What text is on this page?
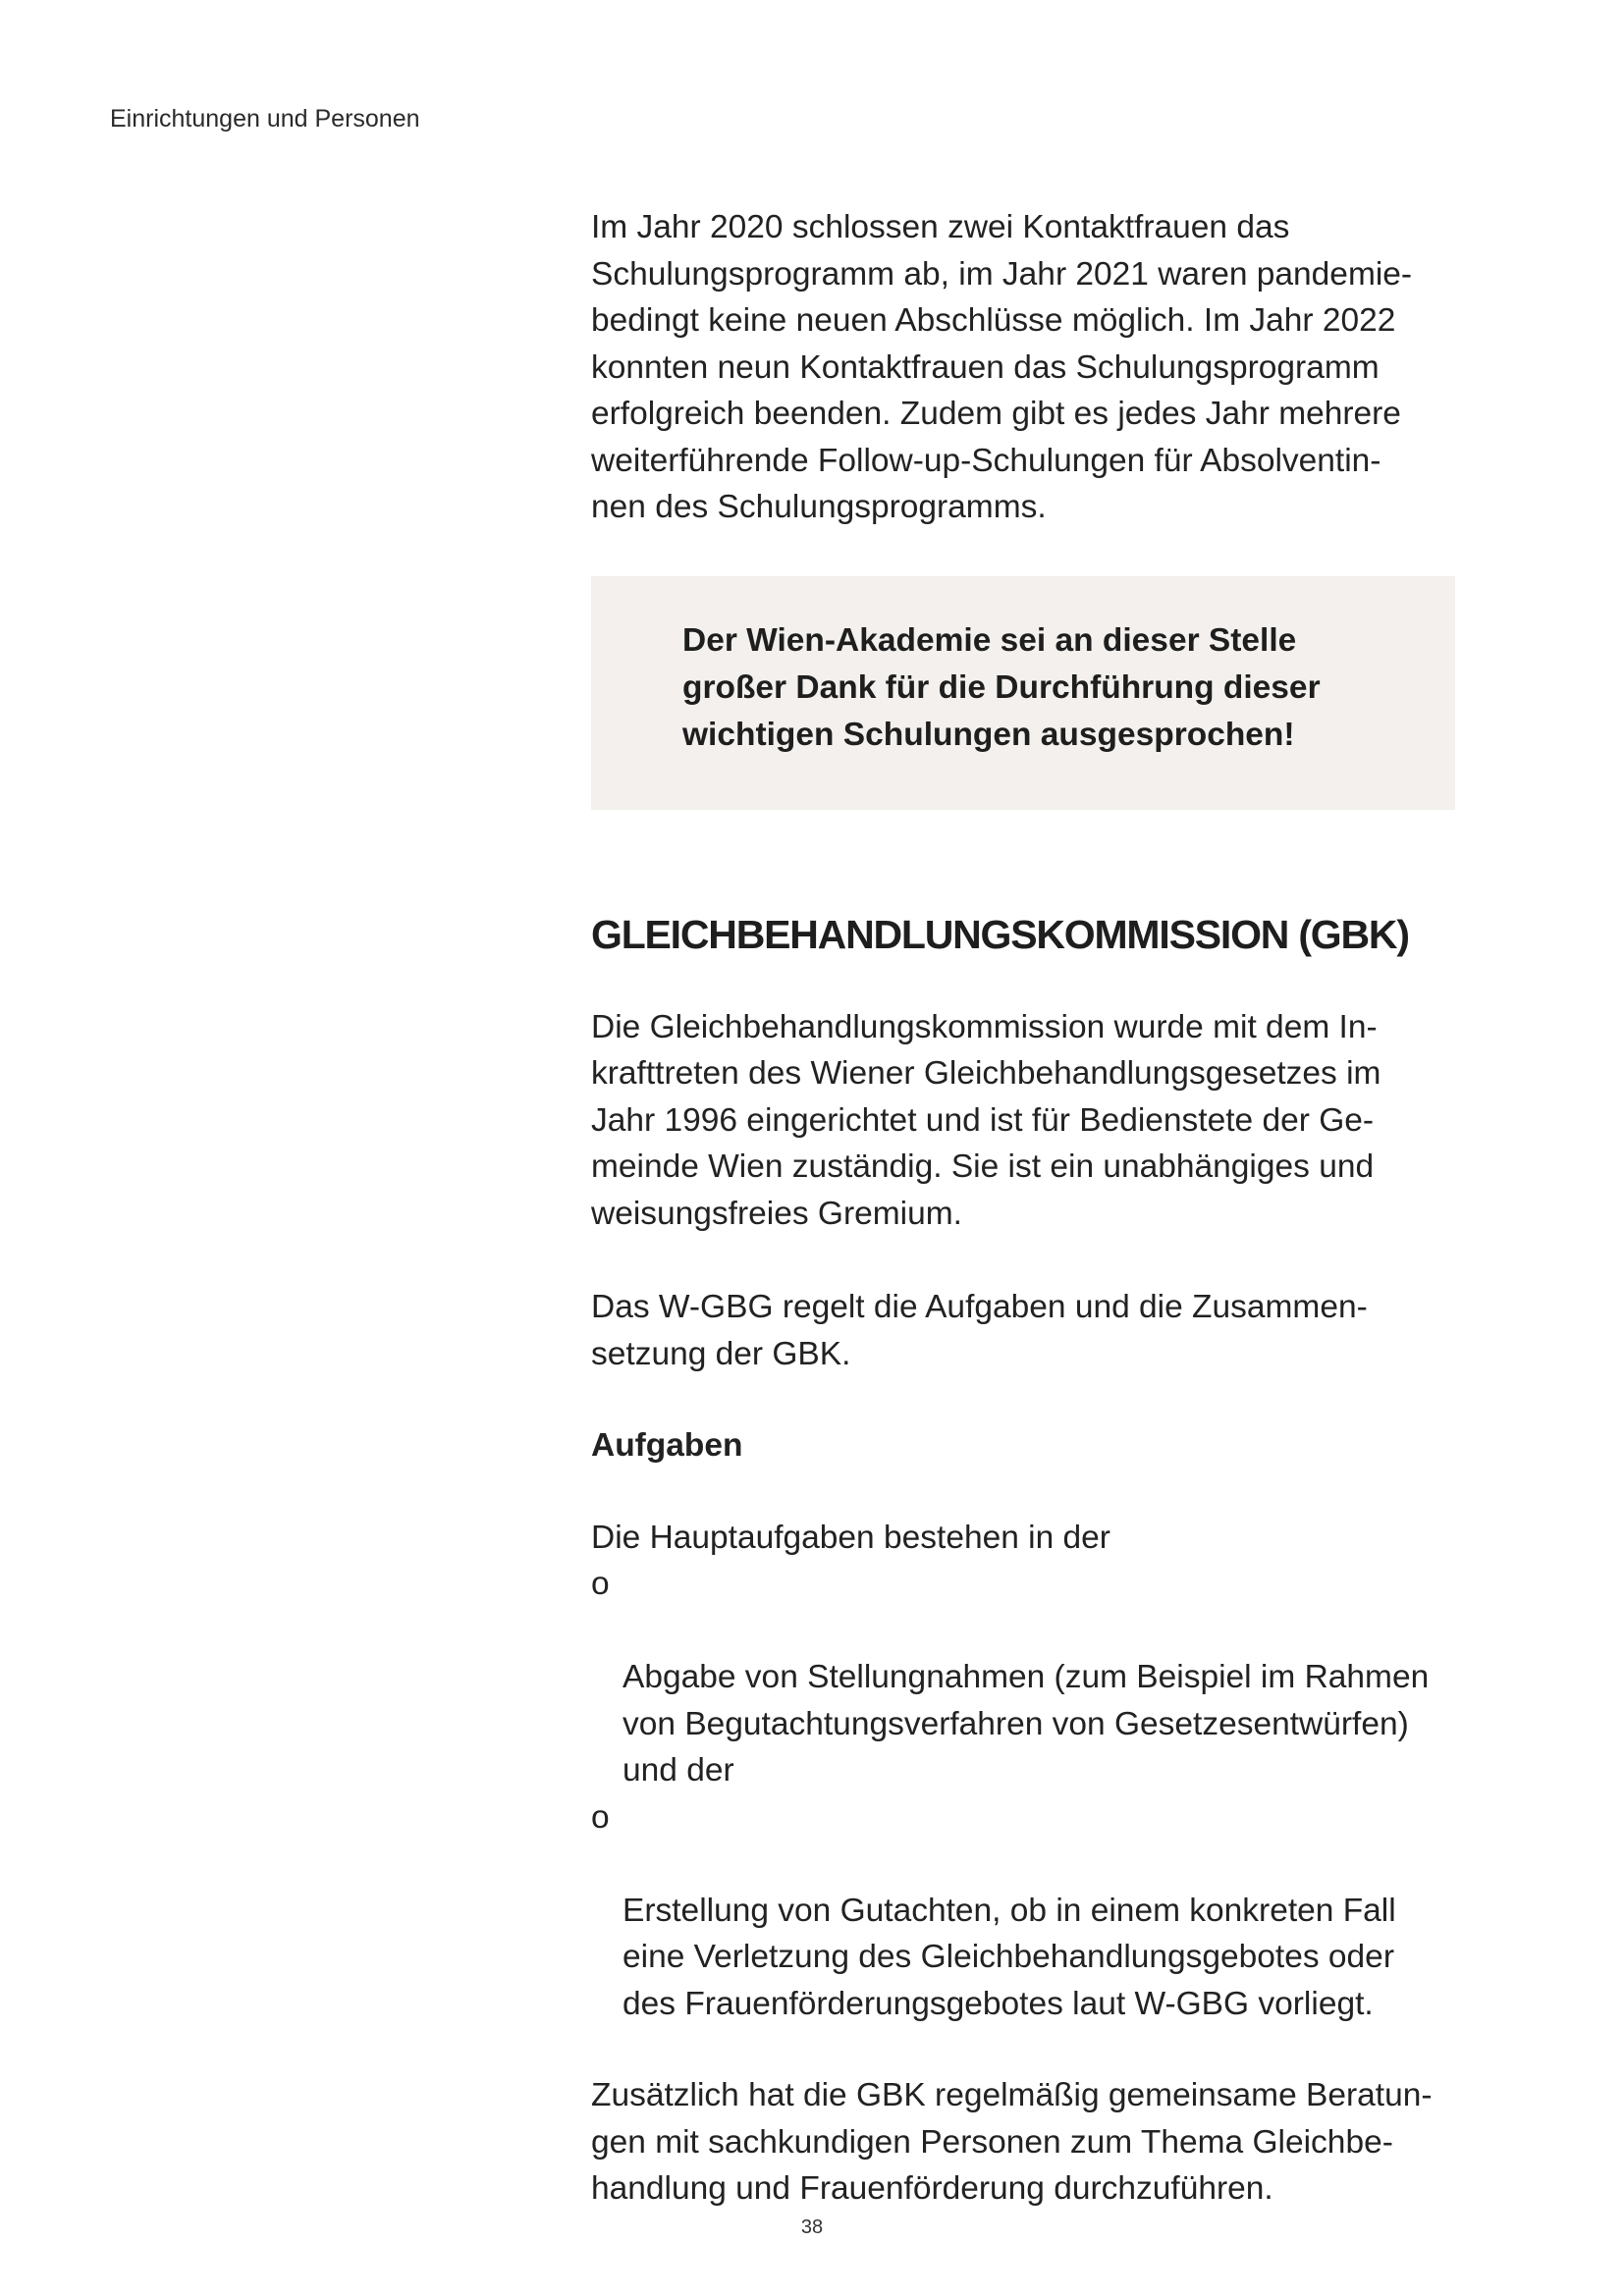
Einrichtungen und Personen

Im Jahr 2020 schlossen zwei Kontaktfrauen das
Schulungsprogramm ab, im Jahr 2021 waren pandemie-
bedingt keine neuen Abschlüsse möglich. Im Jahr 2022
konnten neun Kontaktfrauen das Schulungsprogramm
erfolgreich beenden. Zudem gibt es jedes Jahr mehrere
weiterführende Follow-up-Schulungen für Absolventin-
nen des Schulungsprogramms.

Der Wien-Akademie sei an dieser Stelle
großer Dank für die Durchführung dieser
wichtigen Schulungen ausgesprochen!

GLEICHBEHANDLUNGSKOMMISSION (GBK)

Die Gleichbehandlungskommission wurde mit dem In-
krafttreten des Wiener Gleichbehandlungsgesetzes im
Jahr 1996 eingerichtet und ist für Bedienstete der Ge-
meinde Wien zuständig. Sie ist ein unabhängiges und
weisungsfreies Gremium.

Das W-GBG regelt die Aufgaben und die Zusammen-
setzung der GBK.

Aufgaben

Die Hauptaufgaben bestehen in der

o

Abgabe von Stellungnahmen (zum Beispiel im Rahmen
von Begutachtungsverfahren von Gesetzesentwürfen)
und der

o

Erstellung von Gutachten, ob in einem konkreten Fall
eine Verletzung des Gleichbehandlungsgebotes oder
des Frauenförderungsgebotes laut W-GBG vorliegt.

Zusätzlich hat die GBK regelmäßig gemeinsame Beratun-
gen mit sachkundigen Personen zum Thema Gleichbe-
handlung und Frauenförderung durchzuführen.

38
